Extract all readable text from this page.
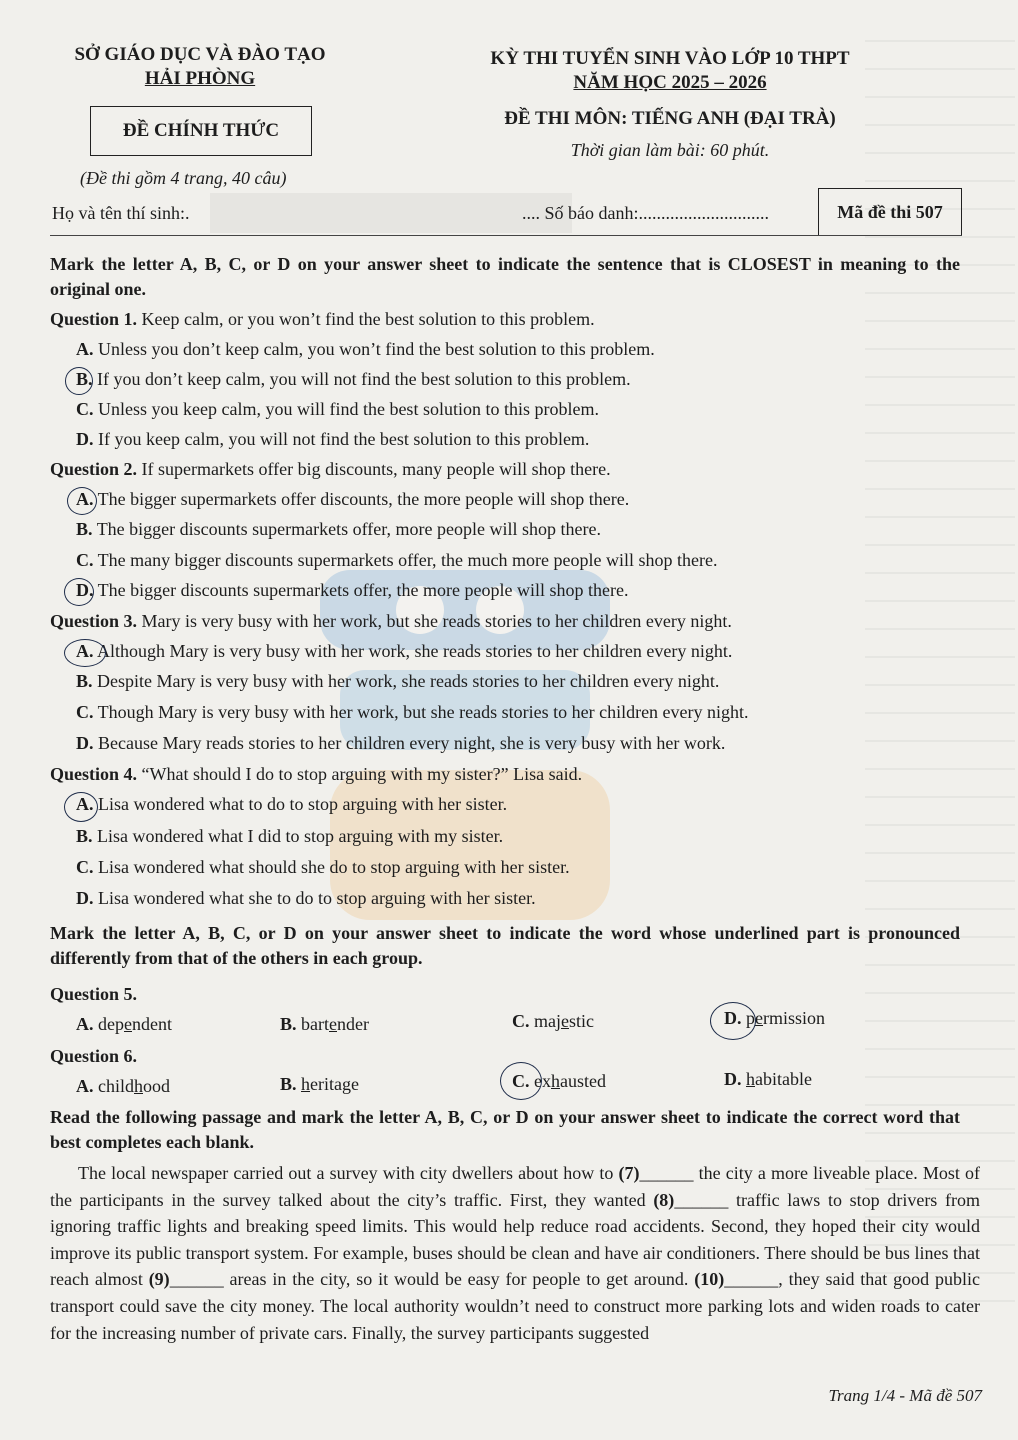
SỞ GIÁO DỤC VÀ ĐÀO TẠO
HẢI PHÒNG
ĐỀ CHÍNH THỨC
(Đề thi gồm 4 trang, 40 câu)
KỲ THI TUYỂN SINH VÀO LỚP 10 THPT
NĂM HỌC 2025 – 2026
ĐỀ THI MÔN: TIẾNG ANH (ĐẠI TRÀ)
Thời gian làm bài: 60 phút.
Họ và tên thí sinh:.	.... Số báo danh:.............................	Mã đề thi 507
Mark the letter A, B, C, or D on your answer sheet to indicate the sentence that is CLOSEST in meaning to the original one.
Question 1. Keep calm, or you won’t find the best solution to this problem.
A. Unless you don’t keep calm, you won’t find the best solution to this problem.
B. If you don’t keep calm, you will not find the best solution to this problem.
C. Unless you keep calm, you will find the best solution to this problem.
D. If you keep calm, you will not find the best solution to this problem.
Question 2. If supermarkets offer big discounts, many people will shop there.
A. The bigger supermarkets offer discounts, the more people will shop there.
B. The bigger discounts supermarkets offer, more people will shop there.
C. The many bigger discounts supermarkets offer, the much more people will shop there.
D. The bigger discounts supermarkets offer, the more people will shop there.
Question 3. Mary is very busy with her work, but she reads stories to her children every night.
A. Although Mary is very busy with her work, she reads stories to her children every night.
B. Despite Mary is very busy with her work, she reads stories to her children every night.
C. Though Mary is very busy with her work, but she reads stories to her children every night.
D. Because Mary reads stories to her children every night, she is very busy with her work.
Question 4. “What should I do to stop arguing with my sister?” Lisa said.
A. Lisa wondered what to do to stop arguing with her sister.
B. Lisa wondered what I did to stop arguing with my sister.
C. Lisa wondered what should she do to stop arguing with her sister.
D. Lisa wondered what she to do to stop arguing with her sister.
Mark the letter A, B, C, or D on your answer sheet to indicate the word whose underlined part is pronounced differently from that of the others in each group.
Question 5.
A. dependent	B. bartender	C. majestic	D. permission
Question 6.
A. childhood	B. heritage	C. exhausted	D. habitable
Read the following passage and mark the letter A, B, C, or D on your answer sheet to indicate the correct word that best completes each blank.
The local newspaper carried out a survey with city dwellers about how to (7)______ the city a more liveable place. Most of the participants in the survey talked about the city’s traffic. First, they wanted (8)______ traffic laws to stop drivers from ignoring traffic lights and breaking speed limits. This would help reduce road accidents. Second, they hoped their city would improve its public transport system. For example, buses should be clean and have air conditioners. There should be bus lines that reach almost (9)______ areas in the city, so it would be easy for people to get around. (10)______, they said that good public transport could save the city money. The local authority wouldn’t need to construct more parking lots and widen roads to cater for the increasing number of private cars. Finally, the survey participants suggested
Trang 1/4 - Mã đề 507
